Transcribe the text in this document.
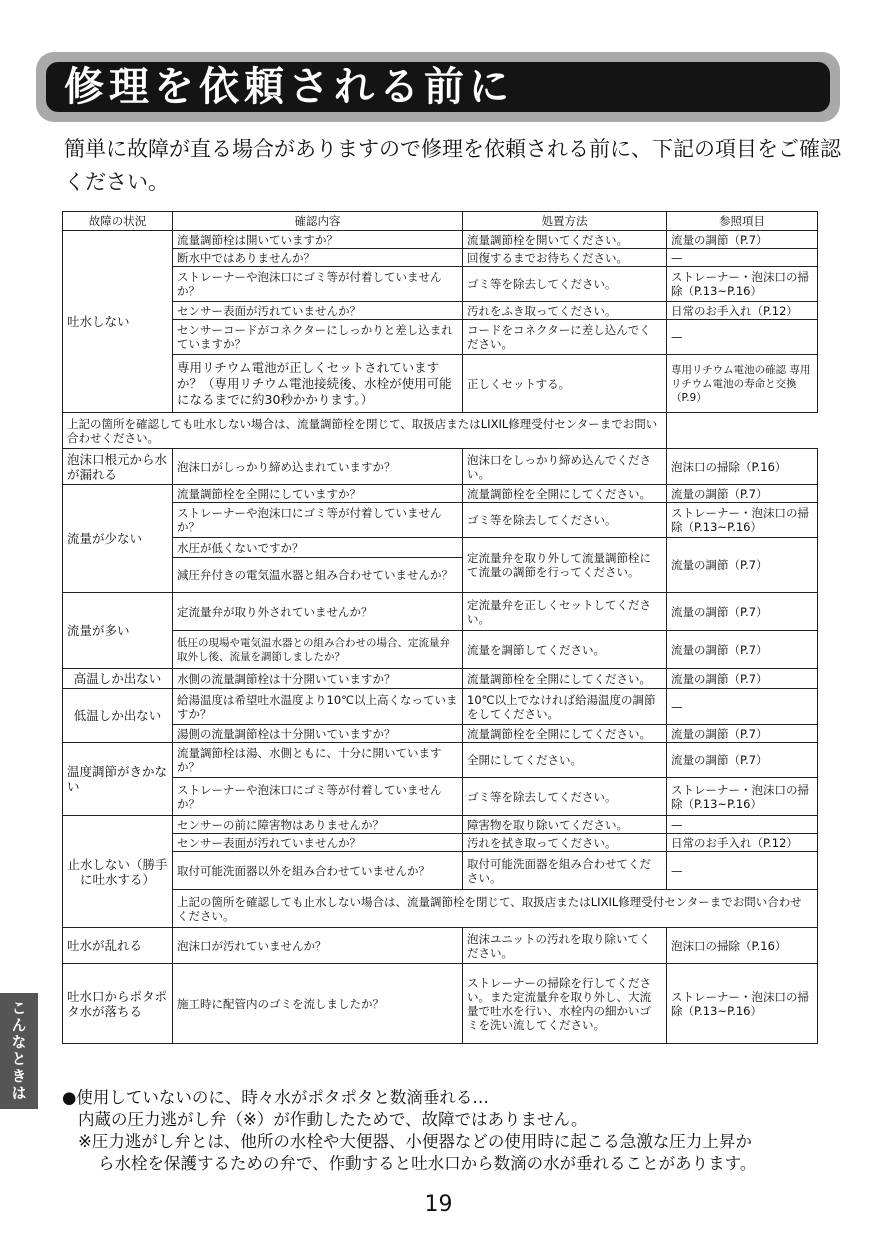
修理を依頼される前に
簡単に故障が直る場合がありますので修理を依頼される前に、下記の項目をご確認ください。
故障の状況	確認内容	処置方法	参照項目
吐水しない	流量調節栓は開いていますか？	流量調節栓を開いてください。	流量の調節（P.7）
	断水中ではありませんか？	回復するまでお待ちください。	—
	ストレーナーや泡沫口にゴミ等が付着していませんか？	ゴミ等を除去してください。	ストレーナー・泡沫口の掃除（P.13~P.16）
	センサー表面が汚れていませんか？	汚れをふき取ってください。	日常のお手入れ（P.12）
	センサーコードがコネクターにしっかりと差し込まれていますか？	コードをコネクターに差し込んでください。	—
	専用リチウム電池が正しくセットされていますか？（専用リチウム電池接続後、水栓が使用可能になるまでに約30秒かかります。）	正しくセットする。	専用リチウム電池の確認 専用リチウム電池の寿命と交換（P.9）
上記の箇所を確認しても吐水しない場合は、流量調節栓を閉じて、取扱店またはLIXIL修理受付センターまでお問い合わせください。			
泡沫口根元から水が漏れる	泡沫口がしっかり締め込まれていますか？	泡沫口をしっかり締め込んでください。	泡沫口の掃除（P.16）
流量が少ない	流量調節栓を全開にしていますか？	流量調節栓を全開にしてください。	流量の調節（P.7）
	ストレーナーや泡沫口にゴミ等が付着していませんか？	ゴミ等を除去してください。	ストレーナー・泡沫口の掃除（P.13~P.16）
	水圧が低くないですか？	定流量弁を取り外して流量調節栓にて流量の調節を行ってください。	流量の調節（P.7）
	減圧弁付きの電気温水器と組み合わせていませんか？		
流量が多い	定流量弁が取り外されていませんか？	定流量弁を正しくセットしてください。	流量の調節（P.7）
	低圧の現場や電気温水器との組み合わせの場合、定流量弁取外し後、流量を調節しましたか？	流量を調節してください。	流量の調節（P.7）
高温しか出ない	水側の流量調節栓は十分開いていますか？	流量調節栓を全開にしてください。	流量の調節（P.7）
低温しか出ない	給湯温度は希望吐水温度より10℃以上高くなっていますか？	10℃以上でなければ給湯温度の調節をしてください。	—
	湯側の流量調節栓は十分開いていますか？	流量調節栓を全開にしてください。	流量の調節（P.7）
温度調節がきかない	流量調節栓は湯、水側ともに、十分に開いていますか？	全開にしてください。	流量の調節（P.7）
	ストレーナーや泡沫口にゴミ等が付着していませんか？	ゴミ等を除去してください。	ストレーナー・泡沫口の掃除（P.13~P.16）
止水しない（勝手に吐水する）	センサーの前に障害物はありませんか？	障害物を取り除いてください。	—
	センサー表面が汚れていませんか？	汚れを拭き取ってください。	日常のお手入れ（P.12）
	取付可能洗面器以外を組み合わせていませんか？	取付可能洗面器を組み合わせてください。	—
	上記の箇所を確認しても止水しない場合は、流量調節栓を閉じて、取扱店またはLIXIL修理受付センターまでお問い合わせください。		
吐水が乱れる	泡沫口が汚れていませんか？	泡沫ユニットの汚れを取り除いてください。	泡沫口の掃除（P.16）
吐水口からポタポタ水が落ちる	施工時に配管内のゴミを流しましたか？	ストレーナーの掃除を行してください。また定流量弁を取り外し、大流量で吐水を行い、水栓内の細かいゴミを洗い流してください。	ストレーナー・泡沫口の掃除（P.13~P.16）
こんなときは	●使用していないのに、時々水がポタポタと数滴垂れる…
内蔵の圧力逃がし弁（※）が作動したためで、故障ではありません。
※圧力逃がし弁とは、他所の水栓や大便器、小便器などの使用時に起こる急激な圧力上昇か
ら水栓を保護するための弁で、作動すると吐水口から数滴の水が垂れることがあります。
19
